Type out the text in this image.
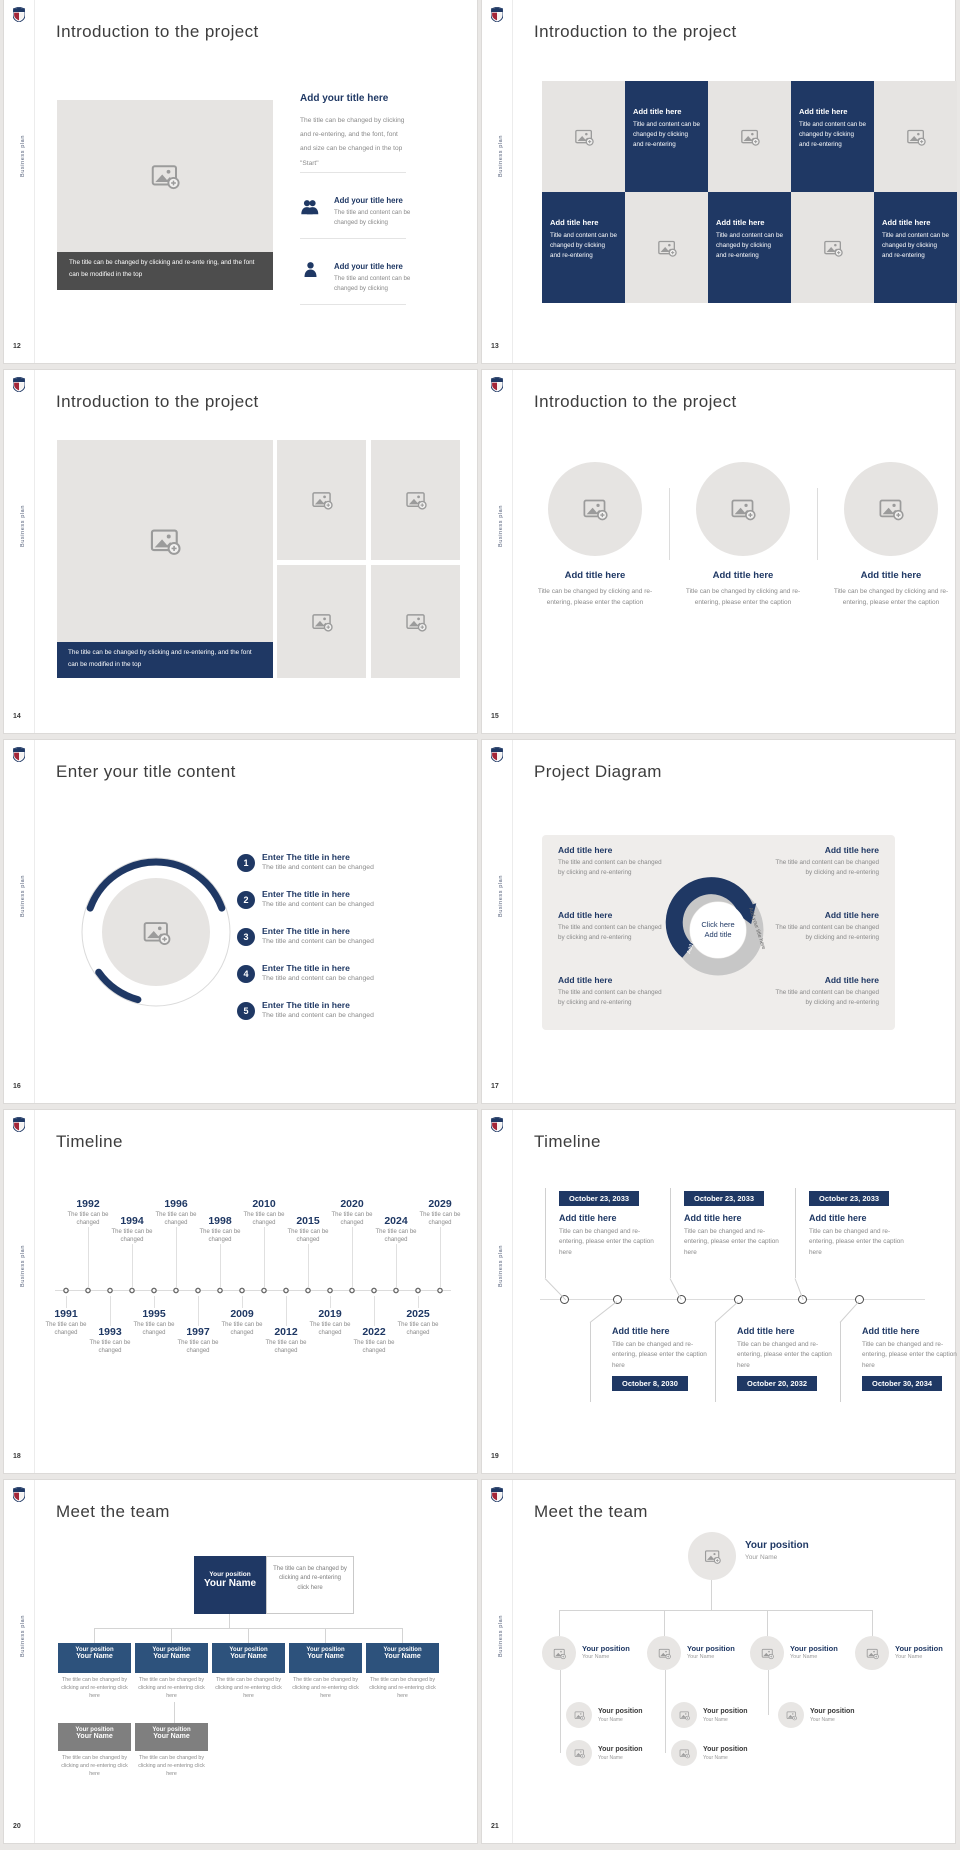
Business plan
12
Introduction to the project
The title can be changed by clicking and re-ente ring, and the font can be modified in the top
Add your title here
The title can be changed by clicking and re-entering, and the font, font and size can be changed in the top "Start"
Add your title here
The title and content can be changed by clicking
Add your title here
The title and content can be changed by clicking
Business plan
13
Introduction to the project
Add title here
Title and content can be changed by clicking and re-entering
Add title here
Title and content can be changed by clicking and re-entering
Add title here
Title and content can be changed by clicking and re-entering
Add title here
Title and content can be changed by clicking and re-entering
Add title here
Title and content can be changed by clicking and re-entering
Business plan
14
Introduction to the project
The title can be changed by clicking and re-entering, and the font can be modified in the top
Business plan
15
Introduction to the project
Add title here	Add title here	Add title here
Title can be changed by clicking and re-entering, please enter the caption
Title can be changed by clicking and re-entering, please enter the caption
Title can be changed by clicking and re-entering, please enter the caption
Business plan
16
Enter your title content
1
Enter The title in here
The title and content can be changed
2
Enter The title in here
The title and content can be changed
3
Enter The title in here
The title and content can be changed
4
Enter The title in here
The title and content can be changed
5
Enter The title in here
The title and content can be changed
Business plan
17
Project Diagram
Add title here
The title and content can be changed by clicking and re-entering
Add title here
The title and content can be changed by clicking and re-entering
Add title here
The title and content can be changed by clicking and re-entering
Add title here
The title and content can be changed by clicking and re-entering
Add title here
The title and content can be changed by clicking and re-entering
Add title here
The title and content can be changed by clicking and re-entering
Click here
Add title
Add your title here	Add your title here
Business plan
18
Timeline
1992
The title can be changed	1994
The title can be changed
1996
The title can be changed	1998
The title can be changed
2010
The title can be changed	2015
The title can be changed
2020
The title can be changed	2024
The title can be changed
2029
The title can be changed
1991
The title can be changed	1993
The title can be changed
1995
The title can be changed	1997
The title can be changed
2009
The title can be changed	2012
The title can be changed
2019
The title can be changed	2022
The title can be changed
2025
The title can be changed
Business plan
19
Timeline
October 23, 2033
Add title here
Title can be changed and re-entering, please enter the caption here
October 23, 2033
Add title here
Title can be changed and re-entering, please enter the caption here
October 23, 2033
Add title here
Title can be changed and re-entering, please enter the caption here
Add title here
Title can be changed and re-entering, please enter the caption here
October 8, 2030
Add title here
Title can be changed and re-entering, please enter the caption here
October 20, 2032
Add title here
Title can be changed and re-entering, please enter the caption here
October 30, 2034
Business plan
20
Meet the team
Your position
Your Name
The title can be changed by clicking and re-entering click here
Your position
Your Name
Your position
Your Name
Your position
Your Name
Your position
Your Name
Your position
Your Name
The title can be changed by clicking and re-entering click here
The title can be changed by clicking and re-entering click here
The title can be changed by clicking and re-entering click here
The title can be changed by clicking and re-entering click here
The title can be changed by clicking and re-entering click here
Your position
Your Name
Your position
Your Name
The title can be changed by clicking and re-entering click here
The title can be changed by clicking and re-entering click here
Business plan
21
Meet the team
Your position
Your Name
Your position
Your Name
Your position
Your Name
Your position
Your Name
Your position
Your Name
Your position
Your Name
Your position
Your Name
Your position
Your Name
Your position
Your Name
Your position
Your Name
